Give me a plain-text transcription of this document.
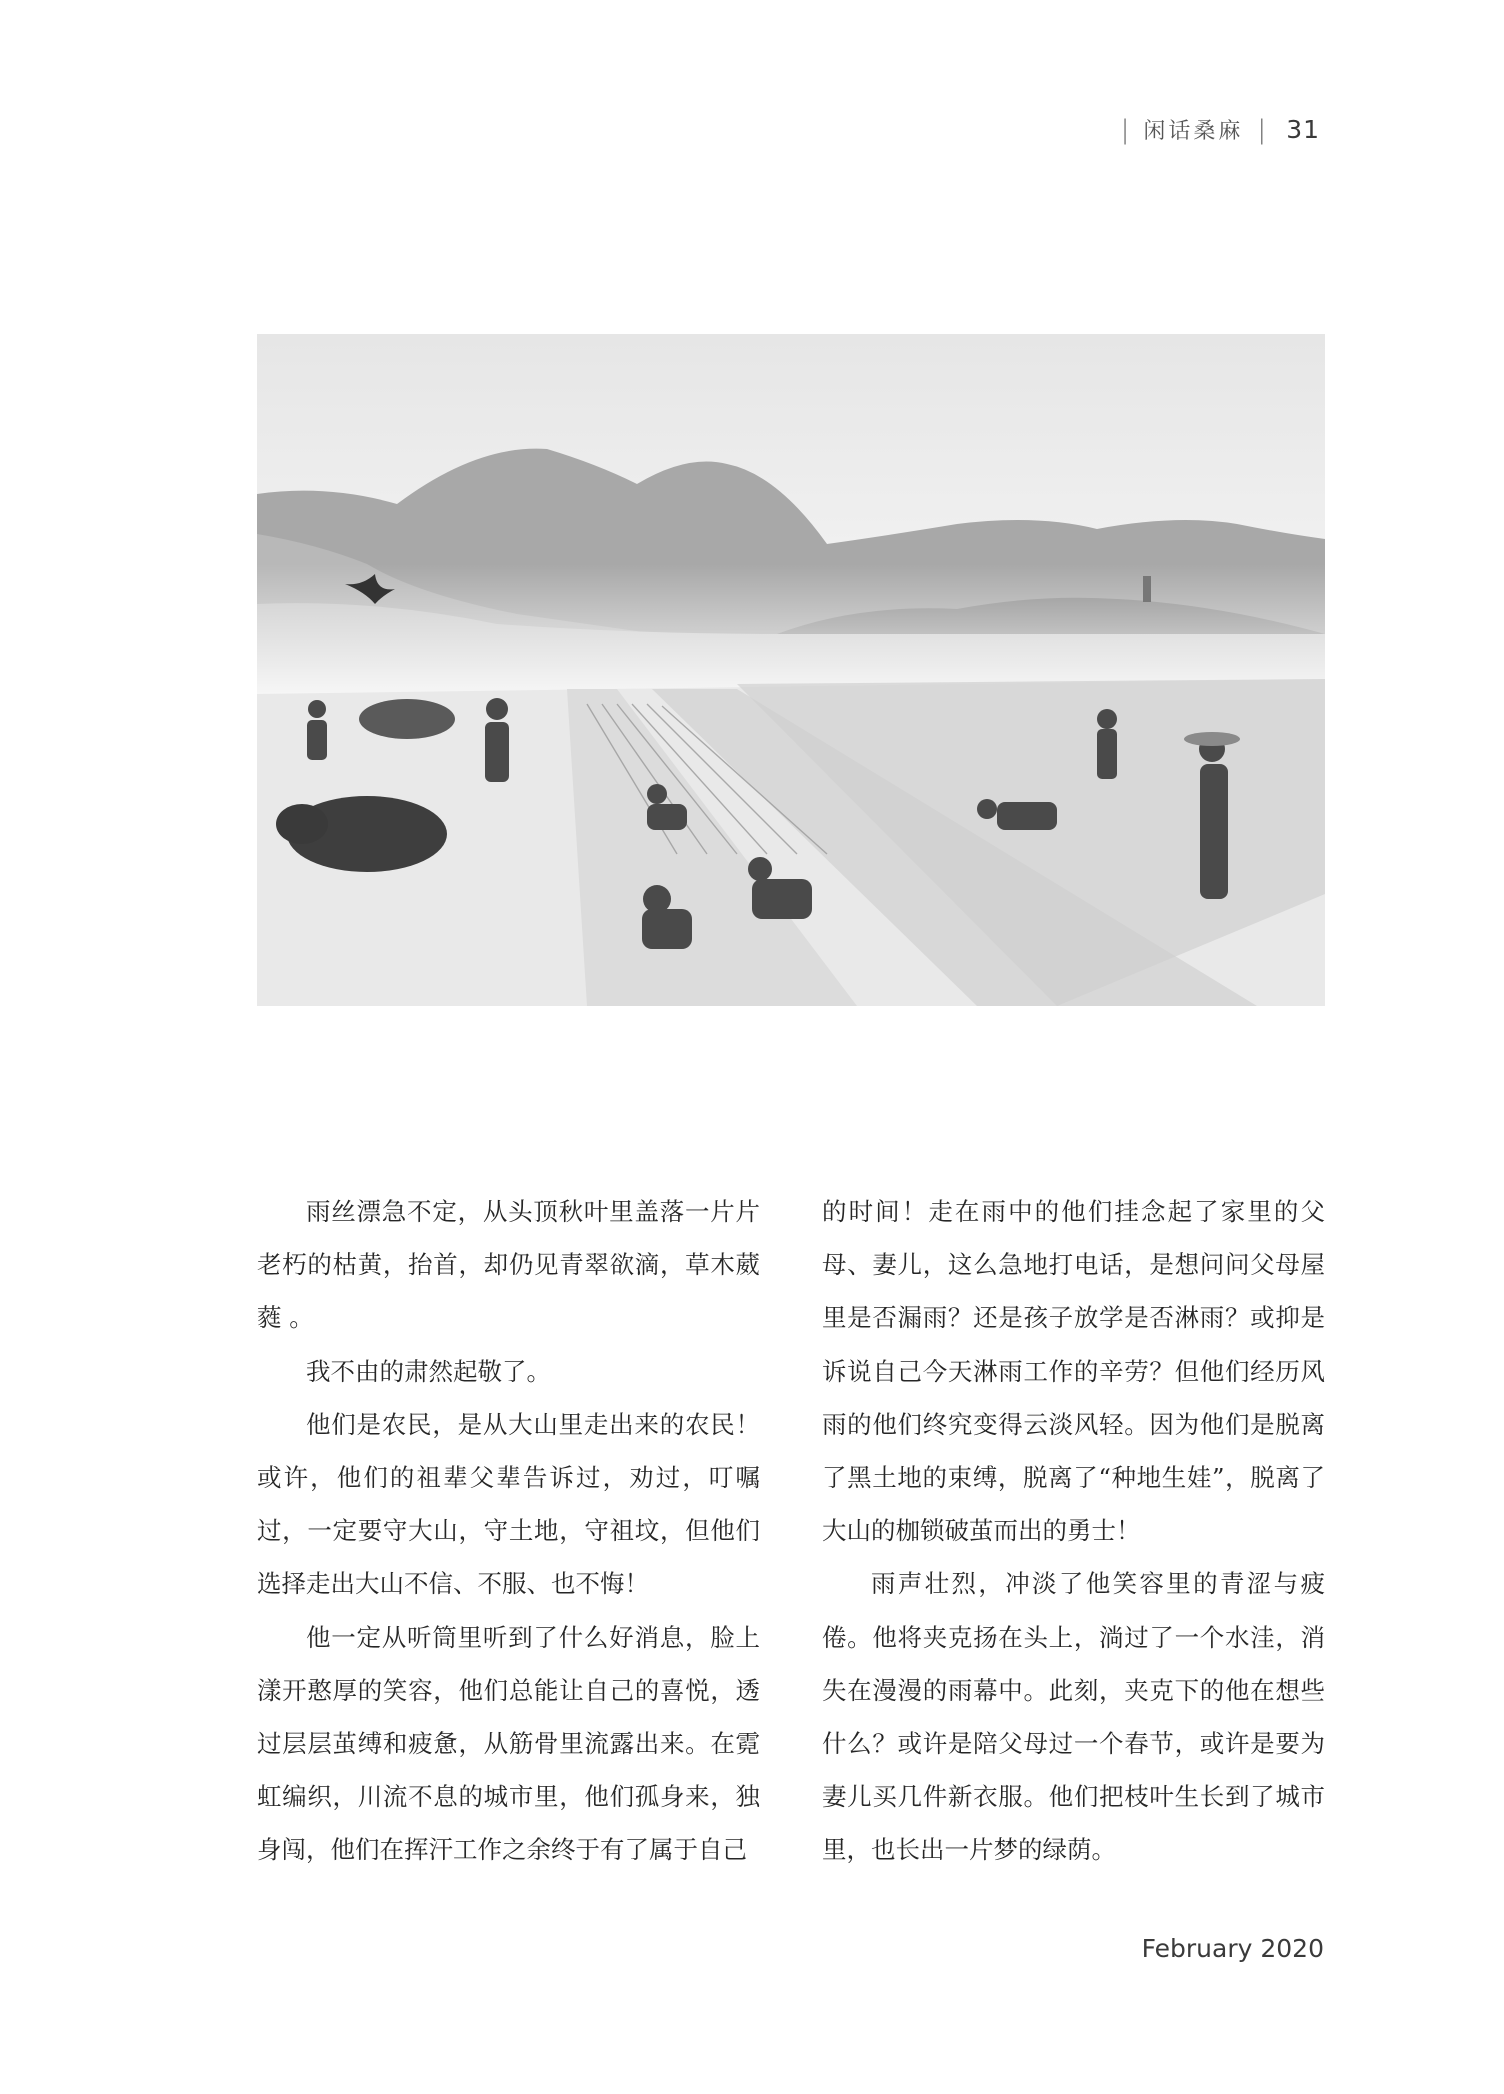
| 闲话桑麻 | 31

雨丝漂急不定，从头顶秋叶里盖落一片片老朽的枯黄，抬首，却仍见青翠欲滴，草木葳蕤 。

我不由的肃然起敬了。

他们是农民，是从大山里走出来的农民！或许，他们的祖辈父辈告诉过，劝过，叮嘱过，一定要守大山，守土地，守祖坟，但他们选择走出大山不信、不服、也不悔！

他一定从听筒里听到了什么好消息，脸上漾开憨厚的笑容，他们总能让自己的喜悦，透过层层茧缚和疲惫，从筋骨里流露出来。在霓虹编织，川流不息的城市里，他们孤身来，独身闯，他们在挥汗工作之余终于有了属于自己

的时间！走在雨中的他们挂念起了家里的父母、妻儿，这么急地打电话，是想问问父母屋里是否漏雨？还是孩子放学是否淋雨？或抑是诉说自己今天淋雨工作的辛劳？但他们经历风雨的他们终究变得云淡风轻。因为他们是脱离了黑土地的束缚，脱离了“种地生娃”，脱离了大山的枷锁破茧而出的勇士！

雨声壮烈，冲淡了他笑容里的青涩与疲倦。他将夹克扬在头上，淌过了一个水洼，消失在漫漫的雨幕中。此刻，夹克下的他在想些什么？或许是陪父母过一个春节，或许是要为妻儿买几件新衣服。他们把枝叶生长到了城市里，也长出一片梦的绿荫。

February 2020
